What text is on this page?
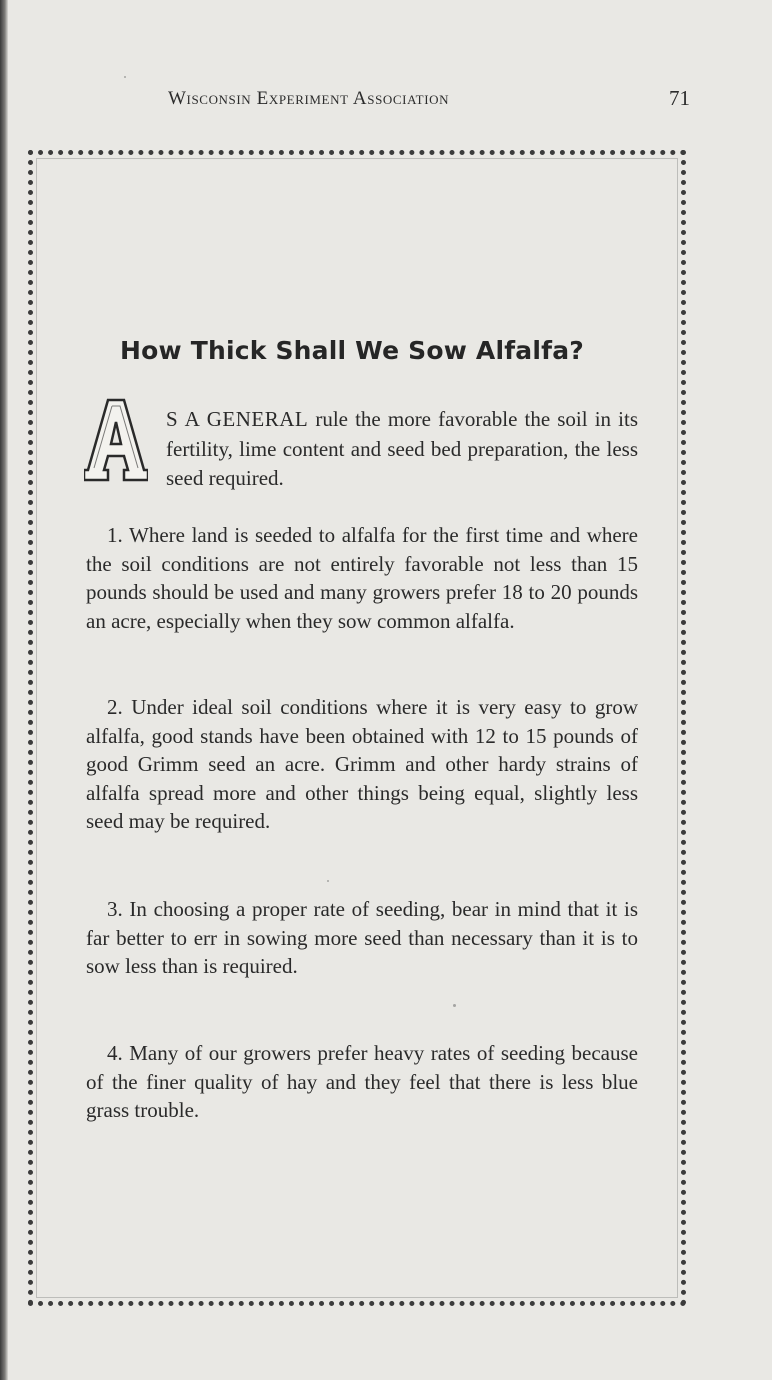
Wisconsin Experiment Association	71
How Thick Shall We Sow Alfalfa?
S A GENERAL rule the more favorable the soil in its fertility, lime content and seed bed preparation, the less seed required.

1. Where land is seeded to alfalfa for the first time and where the soil conditions are not entirely favorable not less than 15 pounds should be used and many growers prefer 18 to 20 pounds an acre, especially when they sow common alfalfa.

2. Under ideal soil conditions where it is very easy to grow alfalfa, good stands have been obtained with 12 to 15 pounds of good Grimm seed an acre. Grimm and other hardy strains of alfalfa spread more and other things being equal, slightly less seed may be required.

3. In choosing a proper rate of seeding, bear in mind that it is far better to err in sowing more seed than necessary than it is to sow less than is required.

4. Many of our growers prefer heavy rates of seeding because of the finer quality of hay and they feel that there is less blue grass trouble.
